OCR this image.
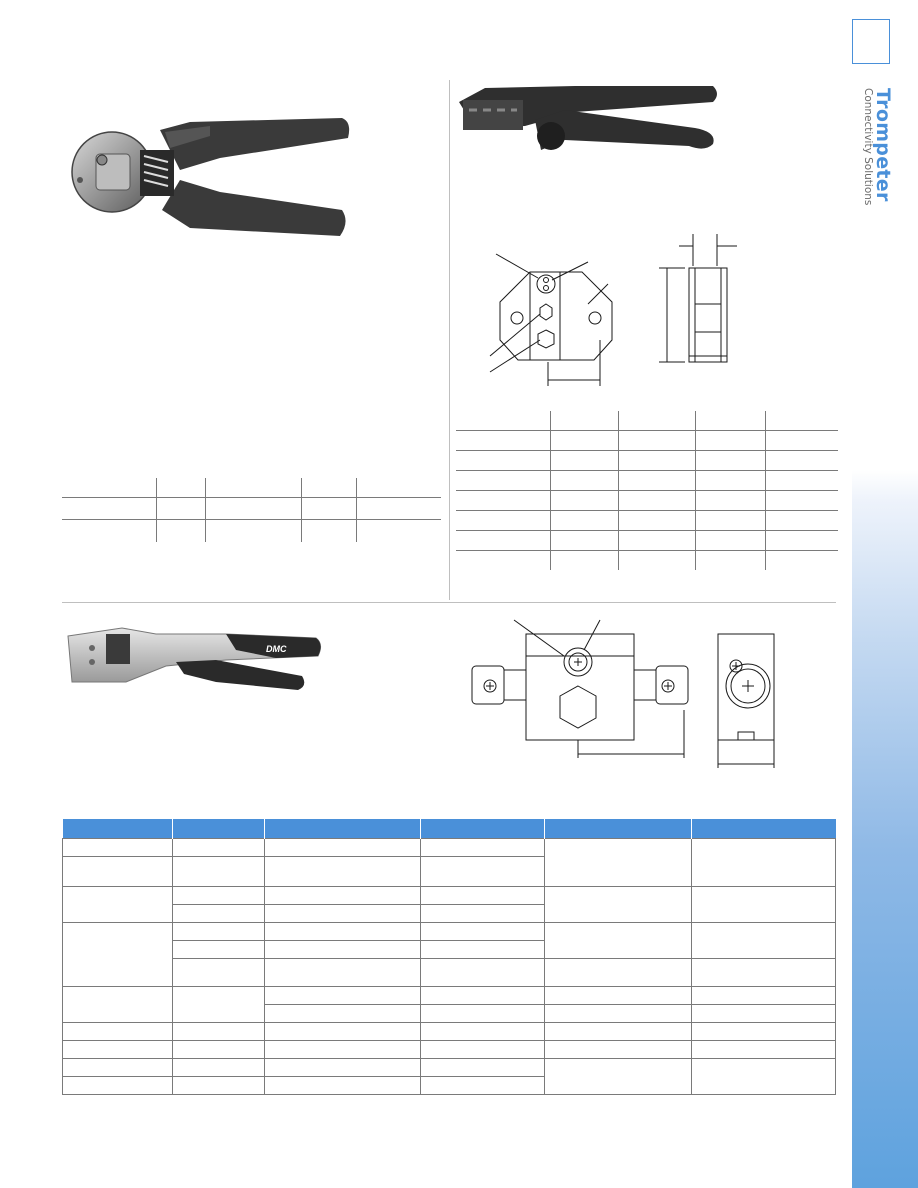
Trompeter
Connectivity Solutions

DMC
